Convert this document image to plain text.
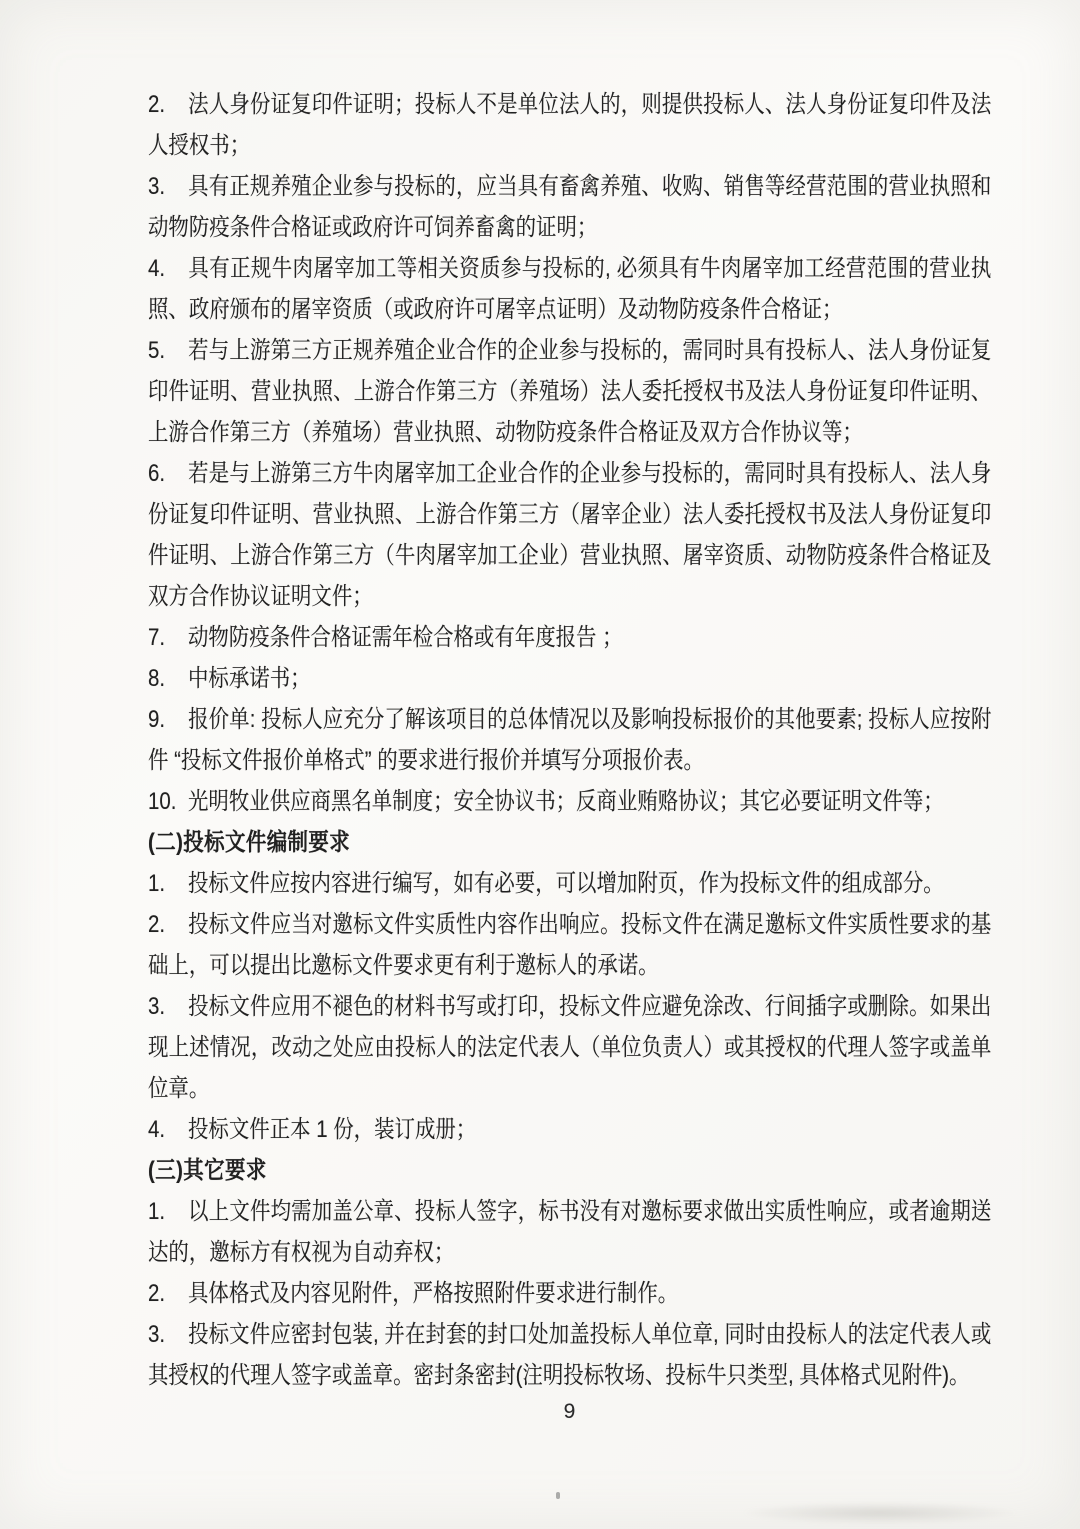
2. 法人身份证复印件证明；投标人不是单位法人的，则提供投标人、法人身份证复印件及法人授权书；

3. 具有正规养殖企业参与投标的，应当具有畜禽养殖、收购、销售等经营范围的营业执照和动物防疫条件合格证或政府许可饲养畜禽的证明；

4. 具有正规牛肉屠宰加工等相关资质参与投标的, 必须具有牛肉屠宰加工经营范围的营业执照、政府颁布的屠宰资质（或政府许可屠宰点证明）及动物防疫条件合格证；

5. 若与上游第三方正规养殖企业合作的企业参与投标的，需同时具有投标人、法人身份证复印件证明、营业执照、上游合作第三方（养殖场）法人委托授权书及法人身份证复印件证明、上游合作第三方（养殖场）营业执照、动物防疫条件合格证及双方合作协议等；

6. 若是与上游第三方牛肉屠宰加工企业合作的企业参与投标的，需同时具有投标人、法人身份证复印件证明、营业执照、上游合作第三方（屠宰企业）法人委托授权书及法人身份证复印件证明、上游合作第三方（牛肉屠宰加工企业）营业执照、屠宰资质、动物防疫条件合格证及双方合作协议证明文件；

7. 动物防疫条件合格证需年检合格或有年度报告 ；

8. 中标承诺书；

9. 报价单: 投标人应充分了解该项目的总体情况以及影响投标报价的其他要素; 投标人应按附件 “投标文件报价单格式” 的要求进行报价并填写分项报价表。

10. 光明牧业供应商黑名单制度；安全协议书；反商业贿赂协议；其它必要证明文件等；

(二)投标文件编制要求

1. 投标文件应按内容进行编写，如有必要，可以增加附页，作为投标文件的组成部分。

2. 投标文件应当对邀标文件实质性内容作出响应。投标文件在满足邀标文件实质性要求的基础上，可以提出比邀标文件要求更有利于邀标人的承诺。

3. 投标文件应用不褪色的材料书写或打印，投标文件应避免涂改、行间插字或删除。如果出现上述情况，改动之处应由投标人的法定代表人（单位负责人）或其授权的代理人签字或盖单位章。

4. 投标文件正本 1 份，装订成册；

(三)其它要求

1. 以上文件均需加盖公章、投标人签字，标书没有对邀标要求做出实质性响应，或者逾期送达的，邀标方有权视为自动弃权；

2. 具体格式及内容见附件，严格按照附件要求进行制作。

3. 投标文件应密封包装, 并在封套的封口处加盖投标人单位章, 同时由投标人的法定代表人或其授权的代理人签字或盖章。密封条密封(注明投标牧场、投标牛只类型, 具体格式见附件)。

9
